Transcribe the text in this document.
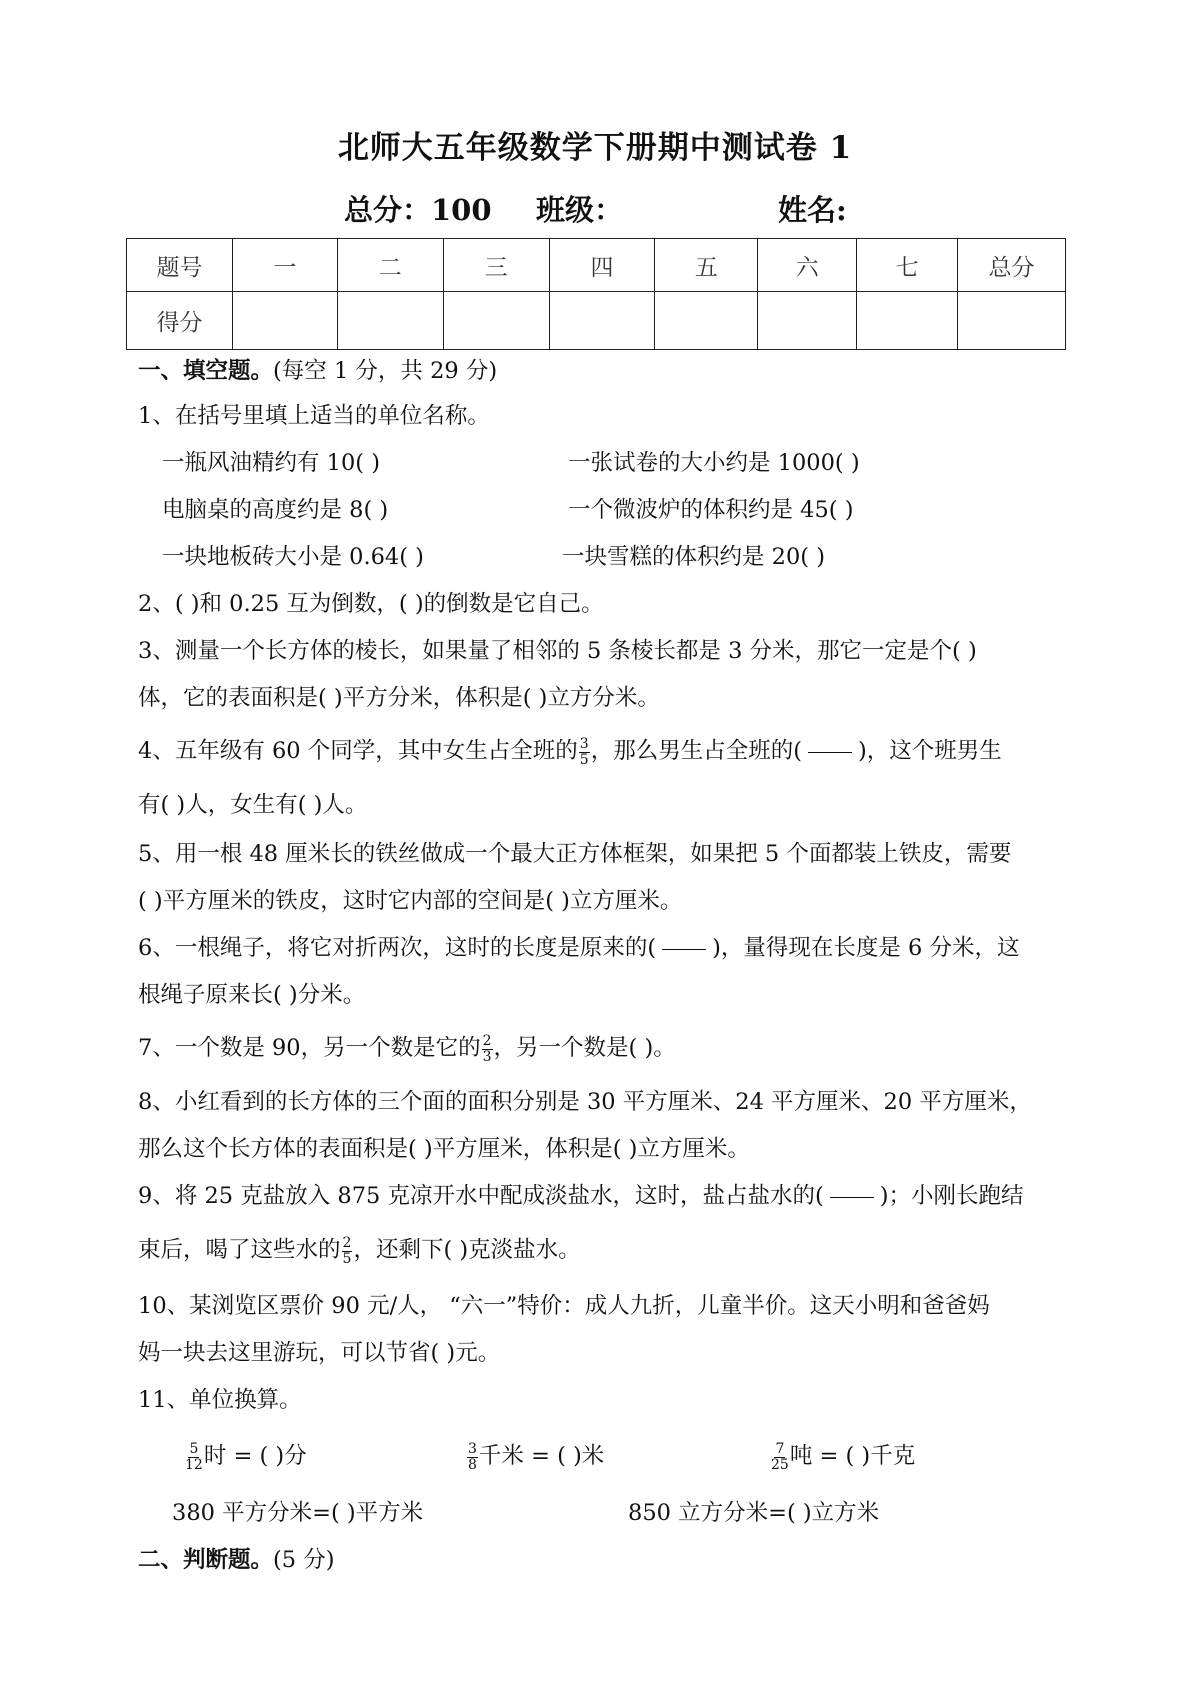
北师大五年级数学下册期中测试卷 1
总分：100 班级：	姓名:
题号	一	二	三	四	五	六	七	总分
得分								
一、填空题。(每空 1 分，共 29 分)
1、在括号里填上适当的单位名称。
一瓶风油精约有 10( )	一张试卷的大小约是 1000( )
电脑桌的高度约是 8( )	一个微波炉的体积约是 45( )
一块地板砖大小是 0.64( )	一块雪糕的体积约是 20( )
2、( )和 0.25 互为倒数，( )的倒数是它自己。
3、测量一个长方体的棱长，如果量了相邻的 5 条棱长都是 3 分米，那它一定是个( )
体，它的表面积是( )平方分米，体积是( )立方分米。
4、五年级有 60 个同学，其中女生占全班的 $\frac{3}{5}$ ，那么男生占全班的( )，这个班男生
有( )人，女生有( )人。
5、用一根 48 厘米长的铁丝做成一个最大正方体框架，如果把 5 个面都装上铁皮，需要
( )平方厘米的铁皮，这时它内部的空间是( )立方厘米。
6、一根绳子，将它对折两次，这时的长度是原来的( )，量得现在长度是 6 分米，这
根绳子原来长( )分米。
7、一个数是 90，另一个数是它的 $\frac{2}{3}$ ，另一个数是( )。
8、小红看到的长方体的三个面的面积分别是 30 平方厘米、24 平方厘米、20 平方厘米，
那么这个长方体的表面积是( )平方厘米，体积是( )立方厘米。
9、将 25 克盐放入 875 克凉开水中配成淡盐水，这时，盐占盐水的( )；小刚长跑结
束后，喝了这些水的 $\frac{2}{5}$ ，还剩下( )克淡盐水。
10、某浏览区票价 90 元/人， “六一”特价：成人九折，儿童半价。这天小明和爸爸妈
妈一块去这里游玩，可以节省( )元。
11、单位换算。
$\frac{5}{12}$ 时 = ( )分	$\frac{3}{8}$ 千米 = ( )米	$\frac{7}{25}$ 吨 = ( )千克
380 平方分米=( )平方米	850 立方分米=( )立方米
二、判断题。(5 分)
